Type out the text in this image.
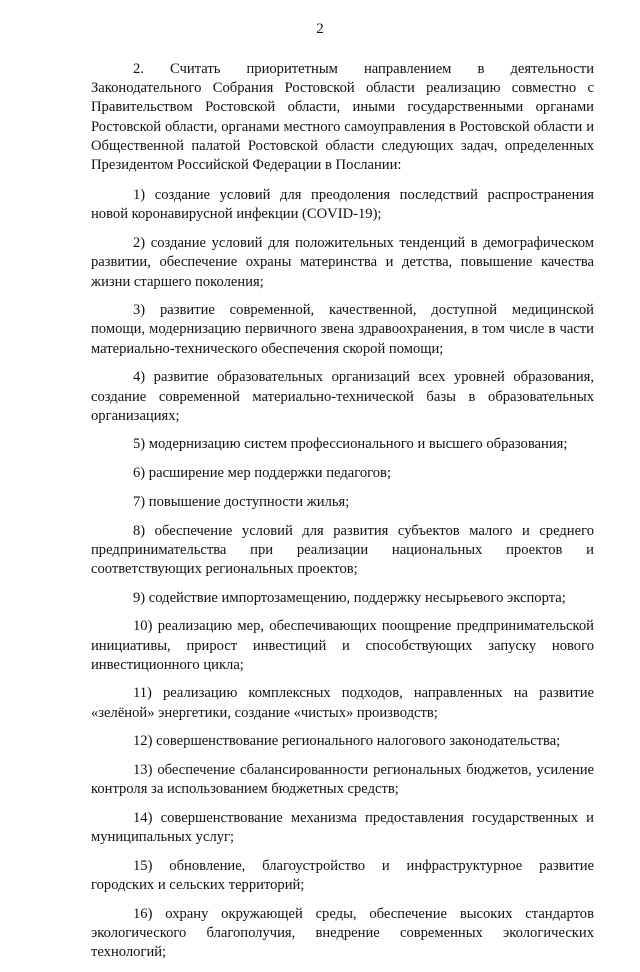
2

2. Считать приоритетным направлением в деятельности Законодательного Собрания Ростовской области реализацию совместно с Правительством Ростовской области, иными государственными органами Ростовской области, органами местного самоуправления в Ростовской области и Общественной палатой Ростовской области следующих задач, определенных Президентом Российской Федерации в Послании:

1) создание условий для преодоления последствий распространения новой коронавирусной инфекции (COVID-19);

2) создание условий для положительных тенденций в демографическом развитии, обеспечение охраны материнства и детства, повышение качества жизни старшего поколения;

3) развитие современной, качественной, доступной медицинской помощи, модернизацию первичного звена здравоохранения, в том числе в части материально-технического обеспечения скорой помощи;

4) развитие образовательных организаций всех уровней образования, создание современной материально-технической базы в образовательных организациях;

5) модернизацию систем профессионального и высшего образования;

6) расширение мер поддержки педагогов;

7) повышение доступности жилья;

8) обеспечение условий для развития субъектов малого и среднего предпринимательства при реализации национальных проектов и соответствующих региональных проектов;

9) содействие импортозамещению, поддержку несырьевого экспорта;

10) реализацию мер, обеспечивающих поощрение предпринимательской инициативы, прирост инвестиций и способствующих запуску нового инвестиционного цикла;

11) реализацию комплексных подходов, направленных на развитие «зелёной» энергетики, создание «чистых» производств;

12) совершенствование регионального налогового законодательства;

13) обеспечение сбалансированности региональных бюджетов, усиление контроля за использованием бюджетных средств;

14) совершенствование механизма предоставления государственных и муниципальных услуг;

15) обновление, благоустройство и инфраструктурное развитие городских и сельских территорий;

16) охрану окружающей среды, обеспечение высоких стандартов экологического благополучия, внедрение современных экологических технологий;
